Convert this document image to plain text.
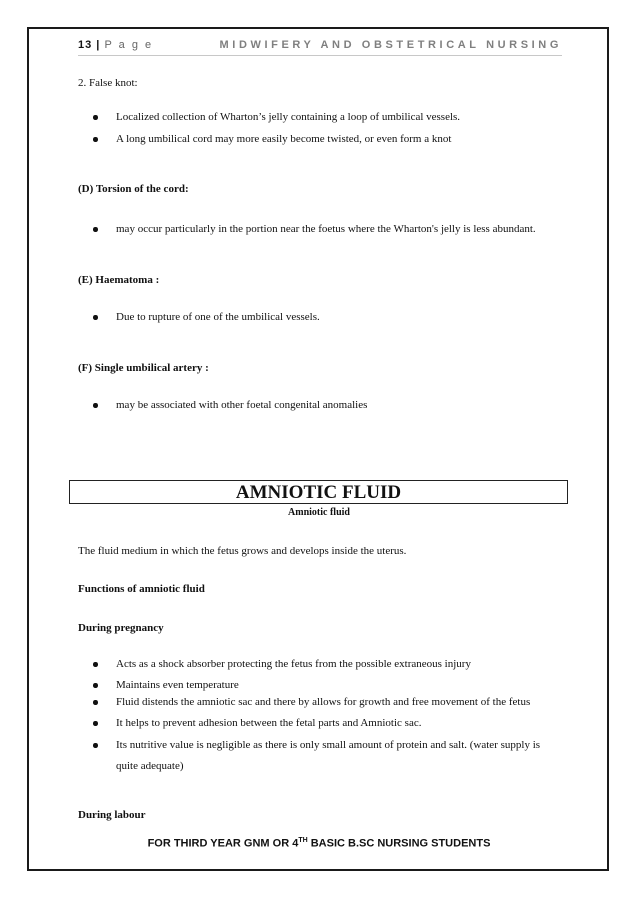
13 | P a g e	MIDWIFERY AND OBSTETRICAL NURSING
2. False knot:
Localized collection of Wharton’s jelly containing a loop of umbilical vessels.
A long umbilical cord may more easily become twisted, or even form a knot
(D) Torsion of the cord:
may occur particularly in the portion near the foetus where the Wharton's jelly is less abundant.
(E) Haematoma :
Due to rupture of one of the umbilical vessels.
(F) Single umbilical artery :
may be associated with other foetal congenital anomalies
AMNIOTIC FLUID
Amniotic fluid
The fluid medium in which the fetus grows and develops inside the uterus.
Functions of amniotic fluid
During pregnancy
Acts as a shock absorber protecting the fetus from the possible extraneous injury
Maintains even temperature
Fluid distends the amniotic sac and there by allows for growth and free movement of the fetus
It helps to prevent adhesion between the fetal parts and Amniotic sac.
Its nutritive value is negligible as there is only small amount of protein and salt. (water supply is quite adequate)
During labour
FOR THIRD YEAR GNM OR 4TH BASIC B.SC NURSING STUDENTS
